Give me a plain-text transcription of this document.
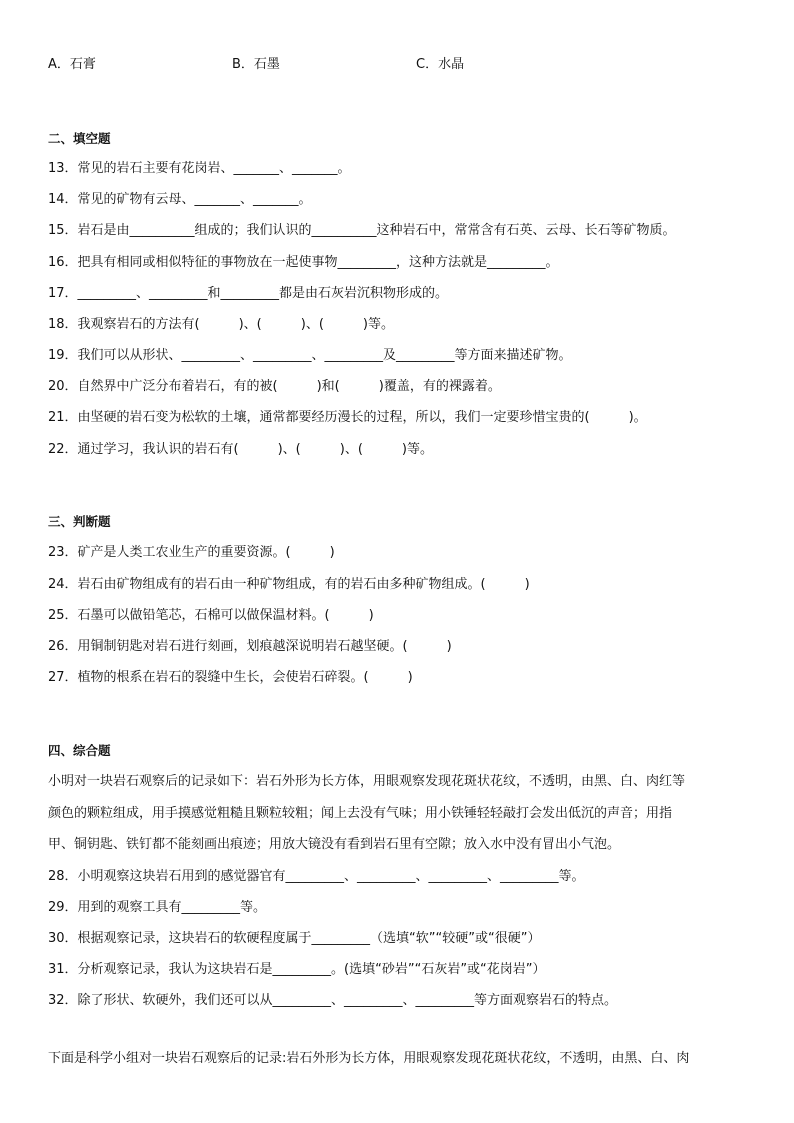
A．石膏	B．石墨	C．水晶
二、填空题
13．常见的岩石主要有花岗岩、_______、_______。
14．常见的矿物有云母、_______、_______。
15．岩石是由__________组成的；我们认识的__________这种岩石中，常常含有石英、云母、长石等矿物质。
16．把具有相同或相似特征的事物放在一起使事物_________，这种方法就是_________。
17．_________、_________和_________都是由石灰岩沉积物形成的。
18．我观察岩石的方法有(　　　)、(　　　)、(　　　)等。
19．我们可以从形状、_________、_________、_________及_________等方面来描述矿物。
20．自然界中广泛分布着岩石，有的被(　　　)和(　　　)覆盖，有的裸露着。
21．由坚硬的岩石变为松软的土壤，通常都要经历漫长的过程，所以，我们一定要珍惜宝贵的(　　　)。
22．通过学习，我认识的岩石有(　　　)、(　　　)、(　　　)等。
三、判断题
23．矿产是人类工农业生产的重要资源。(　　　)
24．岩石由矿物组成有的岩石由一种矿物组成，有的岩石由多种矿物组成。(　　　)
25．石墨可以做铅笔芯，石棉可以做保温材料。(　　　)
26．用铜制钥匙对岩石进行刻画，划痕越深说明岩石越坚硬。(　　　)
27．植物的根系在岩石的裂缝中生长，会使岩石碎裂。(　　　)
四、综合题
小明对一块岩石观察后的记录如下：岩石外形为长方体，用眼观察发现花斑状花纹，不透明，由黑、白、肉红等
颜色的颗粒组成，用手摸感觉粗糙且颗粒较粗；闻上去没有气味；用小铁锤轻轻敲打会发出低沉的声音；用指
甲、铜钥匙、铁钉都不能刻画出痕迹；用放大镜没有看到岩石里有空隙；放入水中没有冒出小气泡。
28．小明观察这块岩石用到的感觉器官有_________、_________、_________、_________等。
29．用到的观察工具有_________等。
30．根据观察记录，这块岩石的软硬程度属于_________（选填“软”“较硬”或“很硬”）
31．分析观察记录，我认为这块岩石是_________。(选填“砂岩”“石灰岩”或“花岗岩”）
32．除了形状、软硬外，我们还可以从_________、_________、_________等方面观察岩石的特点。
下面是科学小组对一块岩石观察后的记录:岩石外形为长方体，用眼观察发现花斑状花纹，不透明，由黑、白、肉
